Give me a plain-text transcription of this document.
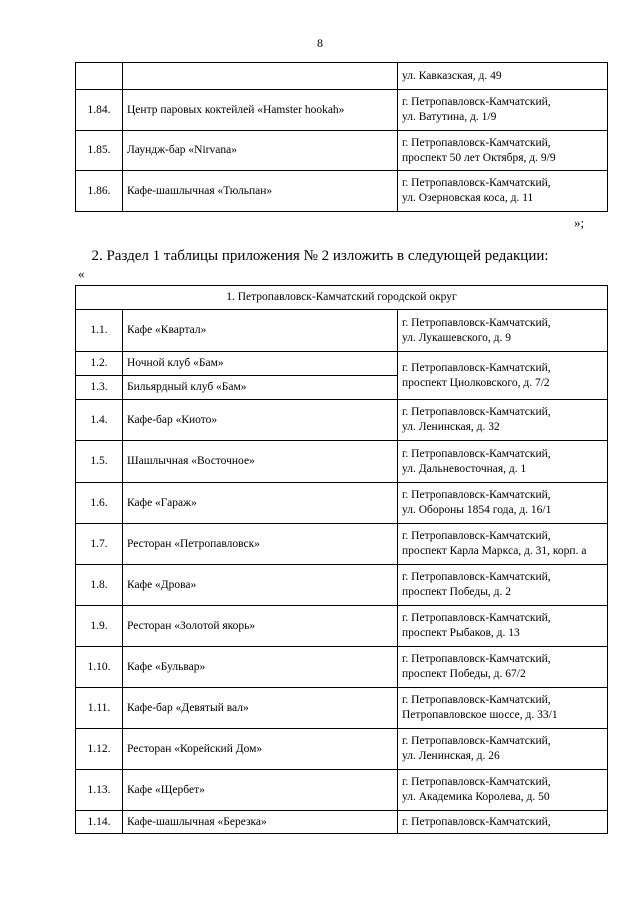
8

		ул. Кавказская, д. 49

1.84.	Центр паровых коктейлей «Hamster hookah»	г. Петропавловск-Камчатский,
ул. Ватутина, д. 1/9

1.85.	Лаундж-бар «Nirvana»	г. Петропавловск-Камчатский,
проспект 50 лет Октября, д. 9/9

1.86.	Кафе-шашлычная «Тюльпан»	г. Петропавловск-Камчатский,
ул. Озерновская коса, д. 11
»;
2. Раздел 1 таблицы приложения № 2 изложить в следующей редакции:
«
1. Петропавловск-Камчатский городской округ		
1.1.	Кафе «Квартал»	г. Петропавловск-Камчатский,
ул. Лукашевского, д. 9

1.2.	Ночной клуб «Бам»	г. Петропавловск-Камчатский,
проспект Циолковского, д. 7/2

1.3.	Бильярдный клуб «Бам»	
1.4.	Кафе-бар «Киото»	г. Петропавловск-Камчатский,
ул. Ленинская, д. 32

1.5.	Шашлычная «Восточное»	г. Петропавловск-Камчатский,
ул. Дальневосточная, д. 1

1.6.	Кафе «Гараж»	г. Петропавловск-Камчатский,
ул. Обороны 1854 года, д. 16/1

1.7.	Ресторан «Петропавловск»	г. Петропавловск-Камчатский,
проспект Карла Маркса, д. 31, корп. а

1.8.	Кафе «Дрова»	г. Петропавловск-Камчатский,
проспект Победы, д. 2

1.9.	Ресторан «Золотой якорь»	г. Петропавловск-Камчатский,
проспект Рыбаков, д. 13

1.10.	Кафе «Бульвар»	г. Петропавловск-Камчатский,
проспект Победы, д. 67/2

1.11.	Кафе-бар «Девятый вал»	г. Петропавловск-Камчатский,
Петропавловское шоссе, д. 33/1

1.12.	Ресторан «Корейский Дом»	г. Петропавловск-Камчатский,
ул. Ленинская, д. 26

1.13.	Кафе «Щербет»	г. Петропавловск-Камчатский,
ул. Академика Королева, д. 50

1.14.	Кафе-шашлычная «Березка»	г. Петропавловск-Камчатский,
